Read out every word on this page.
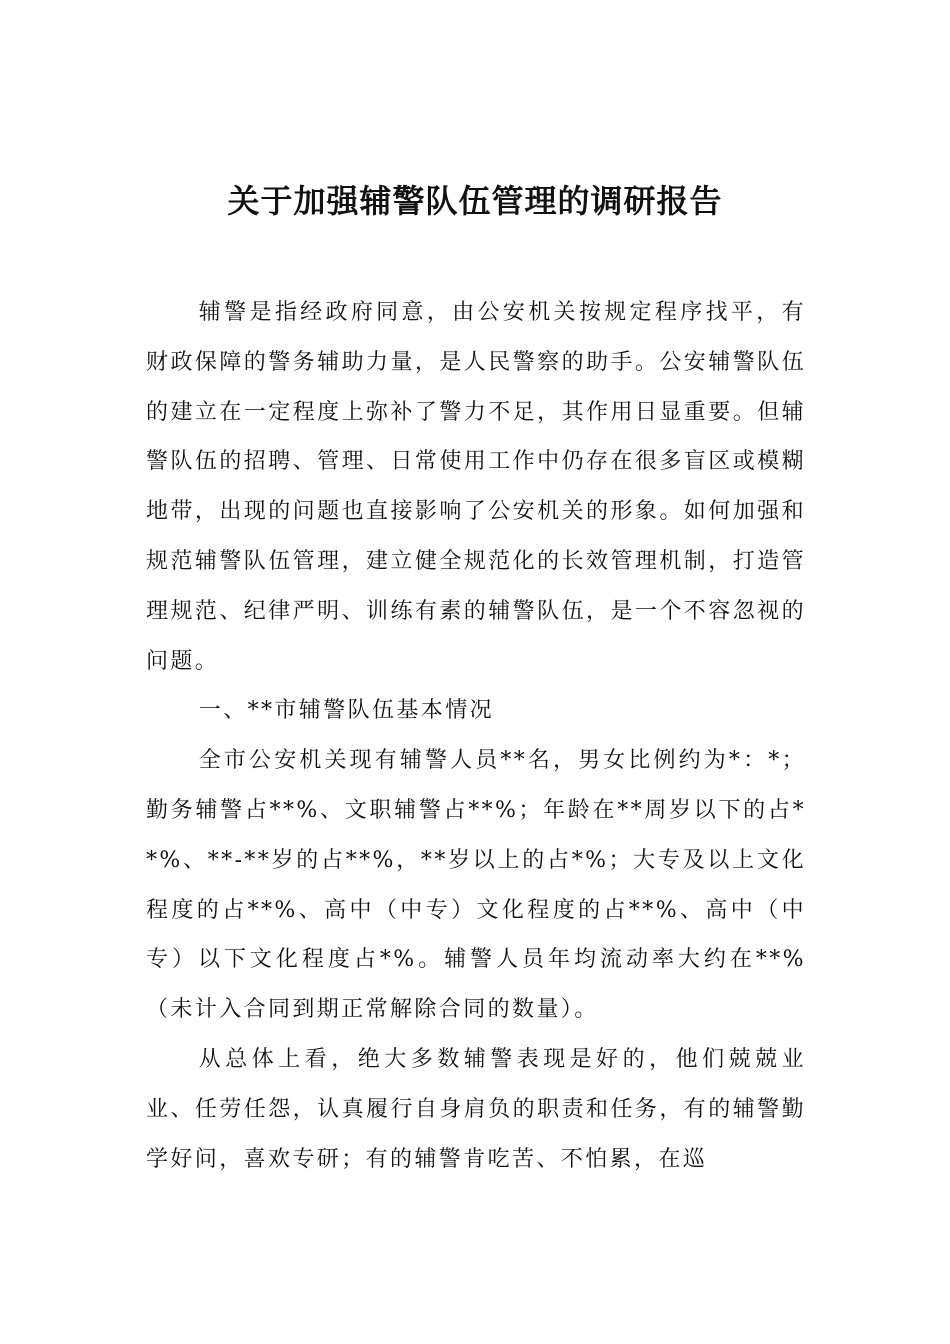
关于加强辅警队伍管理的调研报告

辅警是指经政府同意，由公安机关按规定程序找平，有财政保障的警务辅助力量，是人民警察的助手。公安辅警队伍的建立在一定程度上弥补了警力不足，其作用日显重要。但辅警队伍的招聘、管理、日常使用工作中仍存在很多盲区或模糊地带，出现的问题也直接影响了公安机关的形象。如何加强和规范辅警队伍管理，建立健全规范化的长效管理机制，打造管理规范、纪律严明、训练有素的辅警队伍，是一个不容忽视的问题。

一、**市辅警队伍基本情况

全市公安机关现有辅警人员**名，男女比例约为*：*；勤务辅警占**%、文职辅警占**%；年龄在**周岁以下的占**%、**-**岁的占**%，**岁以上的占*%；大专及以上文化程度的占**%、高中（中专）文化程度的占**%、高中（中专）以下文化程度占*%。辅警人员年均流动率大约在**%（未计入合同到期正常解除合同的数量）。

从总体上看，绝大多数辅警表现是好的，他们兢兢业业、任劳任怨，认真履行自身肩负的职责和任务，有的辅警勤学好问，喜欢专研；有的辅警肯吃苦、不怕累，在巡
